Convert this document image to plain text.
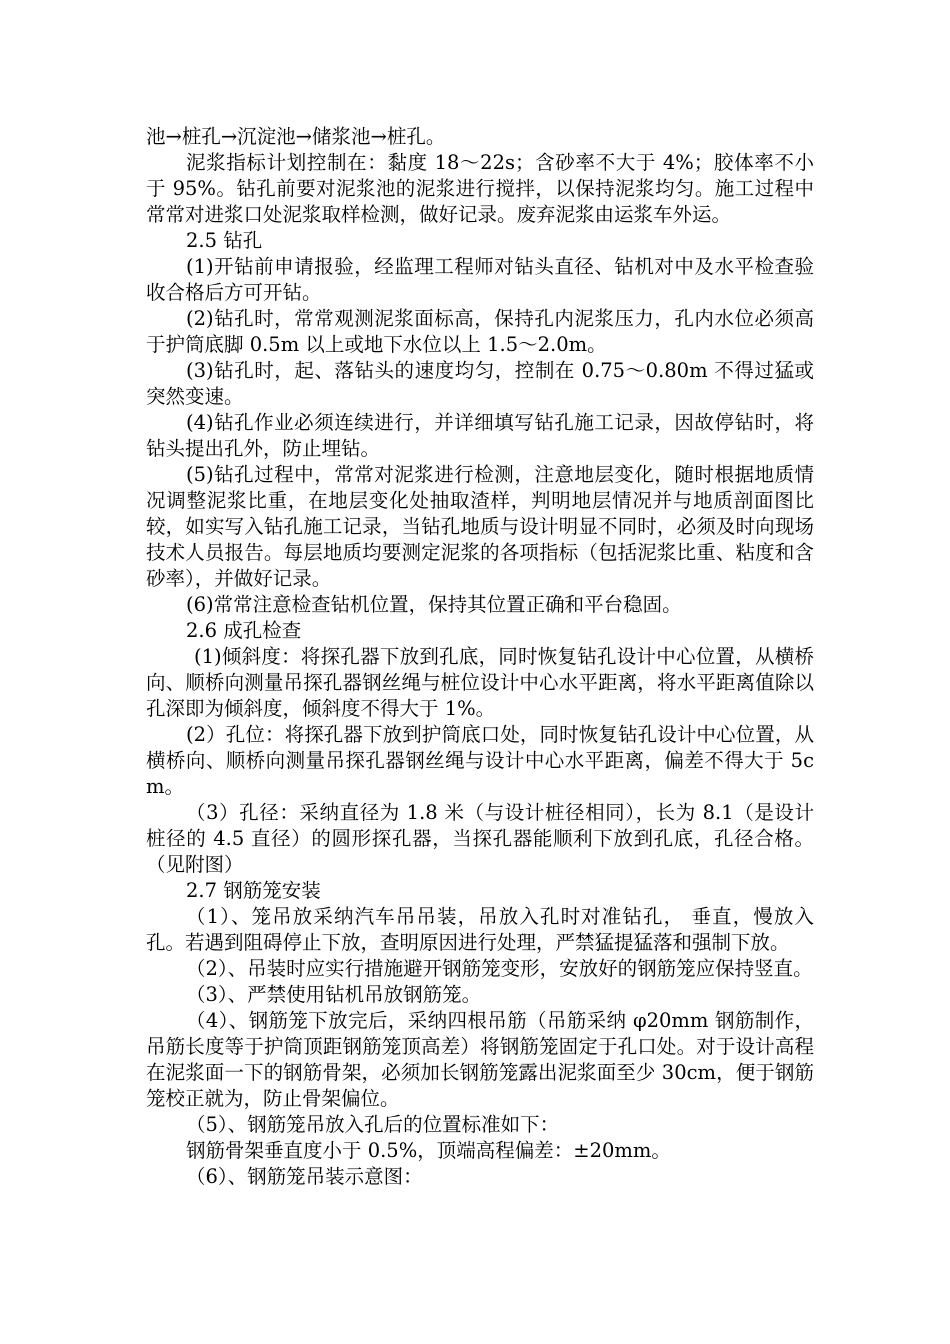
池→桩孔→沉淀池→储浆池→桩孔。

泥浆指标计划控制在：黏度 18～22s；含砂率不大于 4%；胶体率不小于 95%。钻孔前要对泥浆池的泥浆进行搅拌，以保持泥浆均匀。施工过程中常常对进浆口处泥浆取样检测，做好记录。废弃泥浆由运浆车外运。

2.5 钻孔

(1)开钻前申请报验，经监理工程师对钻头直径、钻机对中及水平检查验收合格后方可开钻。

(2)钻孔时，常常观测泥浆面标高，保持孔内泥浆压力，孔内水位必须高于护筒底脚 0.5m 以上或地下水位以上 1.5～2.0m。

(3)钻孔时，起、落钻头的速度均匀，控制在 0.75～0.80m 不得过猛或突然变速。

(4)钻孔作业必须连续进行，并详细填写钻孔施工记录，因故停钻时，将钻头提出孔外，防止埋钻。

(5)钻孔过程中，常常对泥浆进行检测，注意地层变化，随时根据地质情况调整泥浆比重，在地层变化处抽取渣样，判明地层情况并与地质剖面图比较，如实写入钻孔施工记录，当钻孔地质与设计明显不同时，必须及时向现场技术人员报告。每层地质均要测定泥浆的各项指标（包括泥浆比重、粘度和含砂率），并做好记录。

(6)常常注意检查钻机位置，保持其位置正确和平台稳固。

2.6 成孔检查

(1)倾斜度：将探孔器下放到孔底，同时恢复钻孔设计中心位置，从横桥向、顺桥向测量吊探孔器钢丝绳与桩位设计中心水平距离，将水平距离值除以孔深即为倾斜度，倾斜度不得大于 1%。

(2）孔位：将探孔器下放到护筒底口处，同时恢复钻孔设计中心位置，从横桥向、顺桥向测量吊探孔器钢丝绳与设计中心水平距离，偏差不得大于 5cm。

（3）孔径：采纳直径为 1.8 米（与设计桩径相同），长为 8.1（是设计桩径的 4.5 直径）的圆形探孔器，当探孔器能顺利下放到孔底，孔径合格。（见附图）

2.7 钢筋笼安装

（1）、笼吊放采纳汽车吊吊装，吊放入孔时对准钻孔， 垂直，慢放入孔。若遇到阻碍停止下放，查明原因进行处理，严禁猛提猛落和强制下放。

（2）、吊装时应实行措施避开钢筋笼变形，安放好的钢筋笼应保持竖直。

（3）、严禁使用钻机吊放钢筋笼。

（4）、钢筋笼下放完后，采纳四根吊筋（吊筋采纳 φ20mm 钢筋制作，吊筋长度等于护筒顶距钢筋笼顶高差）将钢筋笼固定于孔口处。对于设计高程在泥浆面一下的钢筋骨架，必须加长钢筋笼露出泥浆面至少 30cm，便于钢筋笼校正就为，防止骨架偏位。

（5）、钢筋笼吊放入孔后的位置标准如下：

钢筋骨架垂直度小于 0.5%，顶端高程偏差：±20mm。

（6）、钢筋笼吊装示意图：
